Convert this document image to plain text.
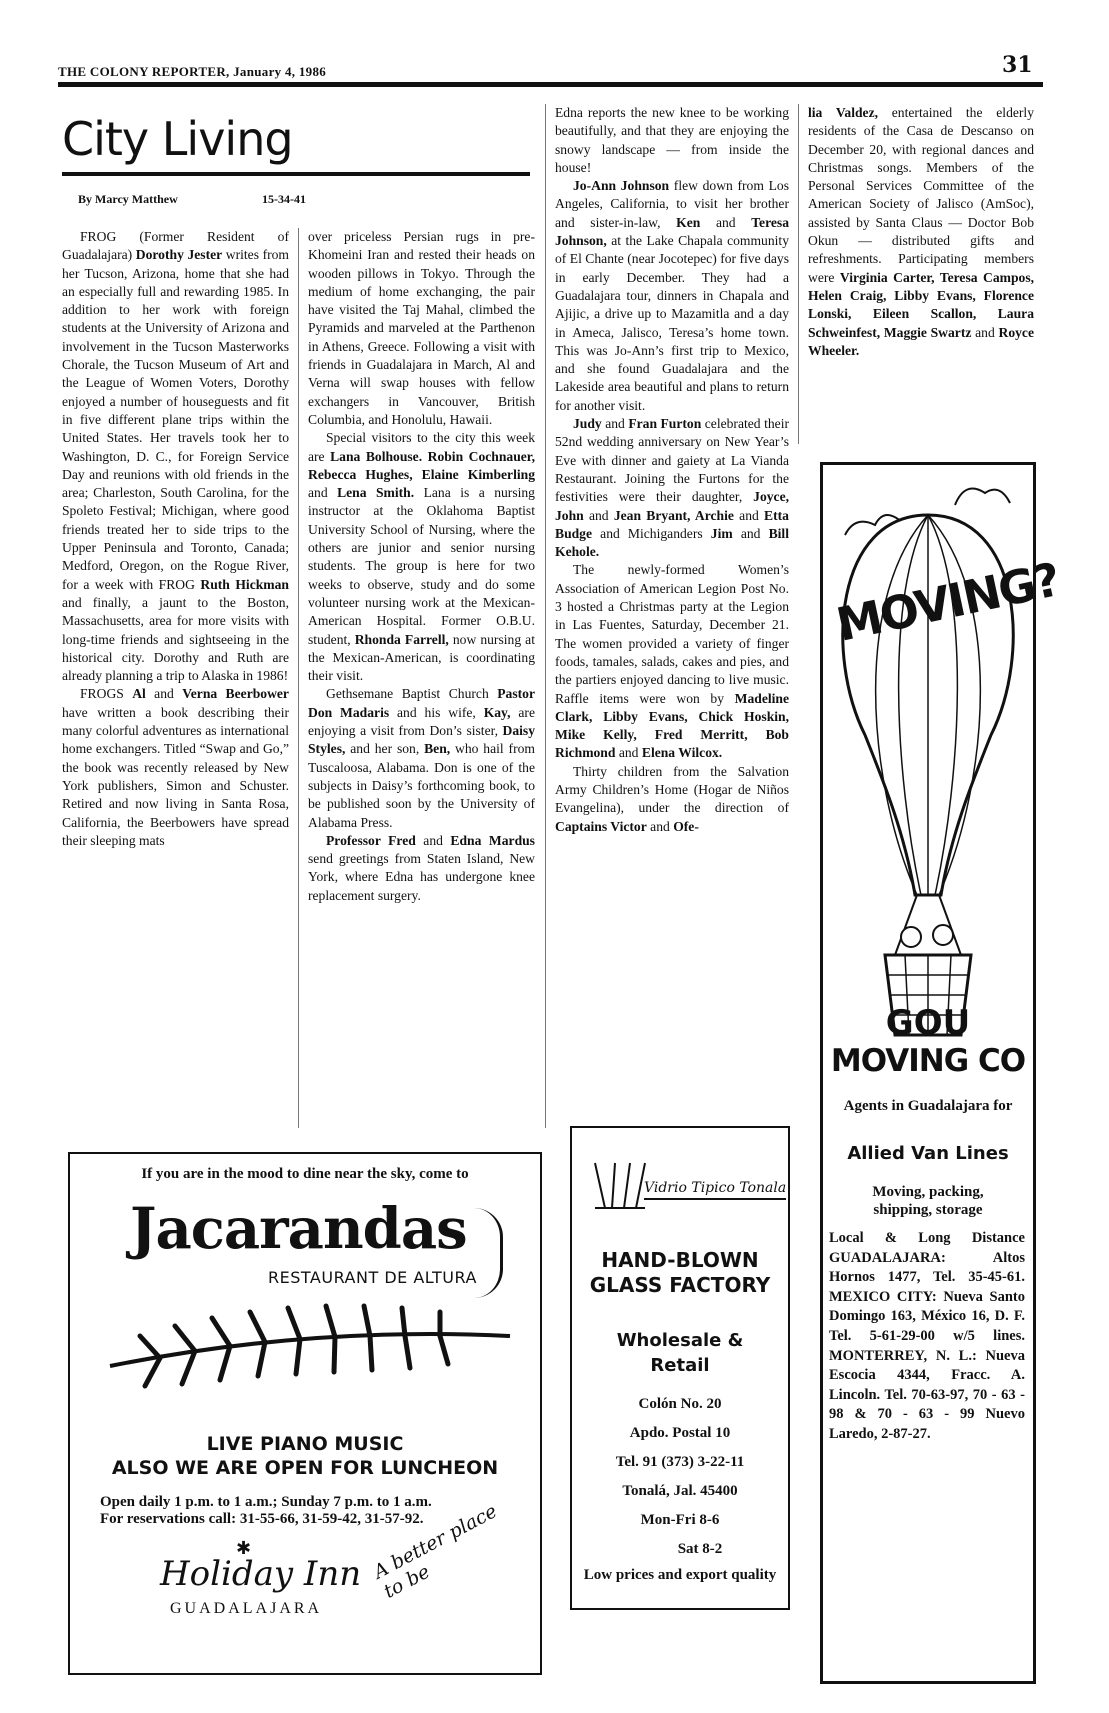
THE COLONY REPORTER, January 4, 1986	31
City Living
By Marcy Matthew	15-34-41

FROG (Former Resident of Guadalajara) Dorothy Jester writes from her Tucson, Arizona, home that she had an especially full and rewarding 1985. In addition to her work with foreign students at the University of Arizona and involvement in the Tucson Masterworks Chorale, the Tucson Museum of Art and the League of Women Voters, Dorothy enjoyed a number of houseguests and fit in five different plane trips within the United States. Her travels took her to Washington, D. C., for Foreign Service Day and reunions with old friends in the area; Charleston, South Carolina, for the Spoleto Festival; Michigan, where good friends treated her to side trips to the Upper Peninsula and Toronto, Canada; Medford, Oregon, on the Rogue River, for a week with FROG Ruth Hickman and finally, a jaunt to the Boston, Massachusetts, area for more visits with long-time friends and sightseeing in the historical city. Dorothy and Ruth are already planning a trip to Alaska in 1986!

FROGS Al and Verna Beerbower have written a book describing their many colorful adventures as international home exchangers. Titled “Swap and Go,” the book was recently released by New York publishers, Simon and Schuster. Retired and now living in Santa Rosa, California, the Beerbowers have spread their sleeping mats

over priceless Persian rugs in pre-Khomeini Iran and rested their heads on wooden pillows in Tokyo. Through the medium of home exchanging, the pair have visited the Taj Mahal, climbed the Pyramids and marveled at the Parthenon in Athens, Greece. Following a visit with friends in Guadalajara in March, Al and Verna will swap houses with fellow exchangers in Vancouver, British Columbia, and Honolulu, Hawaii.

Special visitors to the city this week are Lana Bolhouse. Robin Cochnauer, Rebecca Hughes, Elaine Kimberling and Lena Smith. Lana is a nursing instructor at the Oklahoma Baptist University School of Nursing, where the others are junior and senior nursing students. The group is here for two weeks to observe, study and do some volunteer nursing work at the Mexican-American Hospital. Former O.B.U. student, Rhonda Farrell, now nursing at the Mexican-American, is coordinating their visit.

Gethsemane Baptist Church Pastor Don Madaris and his wife, Kay, are enjoying a visit from Don’s sister, Daisy Styles, and her son, Ben, who hail from Tuscaloosa, Alabama. Don is one of the subjects in Daisy’s forthcoming book, to be published soon by the University of Alabama Press.

Professor Fred and Edna Mardus send greetings from Staten Island, New York, where Edna has undergone knee replacement surgery.

Edna reports the new knee to be working beautifully, and that they are enjoying the snowy landscape — from inside the house!

Jo-Ann Johnson flew down from Los Angeles, California, to visit her brother and sister-in-law, Ken and Teresa Johnson, at the Lake Chapala community of El Chante (near Jocotepec) for five days in early December. They had a Guadalajara tour, dinners in Chapala and Ajijic, a drive up to Mazamitla and a day in Ameca, Jalisco, Teresa’s home town. This was Jo-Ann’s first trip to Mexico, and she found Guadalajara and the Lakeside area beautiful and plans to return for another visit.

Judy and Fran Furton celebrated their 52nd wedding anniversary on New Year’s Eve with dinner and gaiety at La Vianda Restaurant. Joining the Furtons for the festivities were their daughter, Joyce, John and Jean Bryant, Archie and Etta Budge and Michiganders Jim and Bill Kehole.

The newly-formed Women’s Association of American Legion Post No. 3 hosted a Christmas party at the Legion in Las Fuentes, Saturday, December 21. The women provided a variety of finger foods, tamales, salads, cakes and pies, and the partiers enjoyed dancing to live music. Raffle items were won by Madeline Clark, Libby Evans, Chick Hoskin, Mike Kelly, Fred Merritt, Bob Richmond and Elena Wilcox.

Thirty children from the Salvation Army Children’s Home (Hogar de Niños Evangelina), under the direction of Captains Victor and Ofe-

lia Valdez, entertained the elderly residents of the Casa de Descanso on December 20, with regional dances and Christmas songs. Members of the Personal Services Committee of the American Society of Jalisco (AmSoc), assisted by Santa Claus — Doctor Bob Okun — distributed gifts and refreshments. Participating members were Virginia Carter, Teresa Campos, Helen Craig, Libby Evans, Florence Lonski, Eileen Scallon, Laura Schweinfest, Maggie Swartz and Royce Wheeler.

If you are in the mood to dine near the sky, come to
Jacarandas
RESTAURANT DE ALTURA
LIVE PIANO MUSIC
ALSO WE ARE OPEN FOR LUNCHEON
Open daily 1 p.m. to 1 a.m.; Sunday 7 p.m. to 1 a.m.
For reservations call: 31-55-66, 31-59-42, 31-57-92.
Holiday Inn
✱
GUADALAJARA
A better place to be
Vidrio Tipico Tonala
HAND-BLOWN GLASS FACTORY
Wholesale & Retail
Colón No. 20
Apdo. Postal 10
Tel. 91 (373) 3-22-11
Tonalá, Jal. 45400
Mon-Fri 8-6
Sat 8-2
Low prices and export quality
MOVING?
GOU
MOVING CO
Agents in Guadalajara for
Allied Van Lines
Moving, packing, shipping, storage
Local & Long Distance GUADALAJARA: Altos Hornos 1477, Tel. 35-45-61. MEXICO CITY: Nueva Santo Domingo 163, México 16, D. F. Tel. 5-61-29-00 w/5 lines. MONTERREY, N. L.: Nueva Escocia 4344, Fracc. A. Lincoln. Tel. 70-63-97, 70 - 63 - 98 & 70 - 63 - 99 Nuevo Laredo, 2-87-27.
